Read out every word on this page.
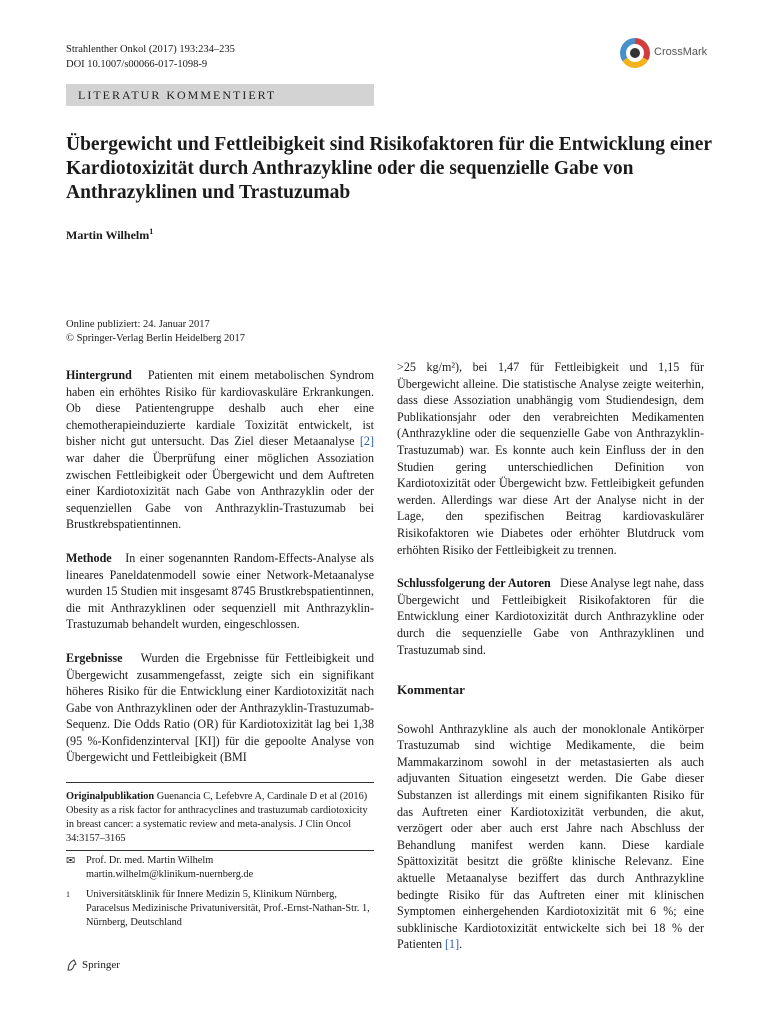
Strahlenther Onkol (2017) 193:234–235
DOI 10.1007/s00066-017-1098-9
CrossMark
LITERATUR KOMMENTIERT
Übergewicht und Fettleibigkeit sind Risikofaktoren für die Entwicklung einer Kardiotoxizität durch Anthrazykline oder die sequenzielle Gabe von Anthrazyklinen und Trastuzumab
Martin Wilhelm$^1$
Online publiziert: 24. Januar 2017
© Springer-Verlag Berlin Heidelberg 2017

Hintergrund Patienten mit einem metabolischen Syndrom haben ein erhöhtes Risiko für kardiovaskuläre Erkrankungen. Ob diese Patientengruppe deshalb auch eher eine chemotherapieinduzierte kardiale Toxizität entwickelt, ist bisher nicht gut untersucht. Das Ziel dieser Metaanalyse [2] war daher die Überprüfung einer möglichen Assoziation zwischen Fettleibigkeit oder Übergewicht und dem Auftreten einer Kardiotoxizität nach Gabe von Anthrazyklin oder der sequenziellen Gabe von Anthrazyklin-Trastuzumab bei Brustkrebspatientinnen.

Methode In einer sogenannten Random-Effects-Analyse als lineares Paneldatenmodell sowie einer Network-Metaanalyse wurden 15 Studien mit insgesamt 8745 Brustkrebspatientinnen, die mit Anthrazyklinen oder sequenziell mit Anthrazyklin-Trastuzumab behandelt wurden, eingeschlossen.

Ergebnisse Wurden die Ergebnisse für Fettleibigkeit und Übergewicht zusammengefasst, zeigte sich ein signifikant höheres Risiko für die Entwicklung einer Kardiotoxizität nach Gabe von Anthrazyklinen oder der Anthrazyklin-Trastuzumab-Sequenz. Die Odds Ratio (OR) für Kardiotoxizität lag bei 1,38 (95 %-Konfidenzinterval [KI]) für die gepoolte Analyse von Übergewicht und Fettleibigkeit (BMI

Originalpublikation Guenancia C, Lefebvre A, Cardinale D et al (2016) Obesity as a risk factor for anthracyclines and trastuzumab cardiotoxicity in breast cancer: a systematic review and meta-analysis. J Clin Oncol 34:3157–3165
✉ Prof. Dr. med. Martin Wilhelm
martin.wilhelm@klinikum-nuernberg.de
1	Universitätsklinik für Innere Medizin 5, Klinikum Nürnberg, Paracelsus Medizinische Privatuniversität, Prof.-Ernst-Nathan-Str. 1, Nürnberg, Deutschland

>25 kg/m²), bei 1,47 für Fettleibigkeit und 1,15 für Übergewicht alleine. Die statistische Analyse zeigte weiterhin, dass diese Assoziation unabhängig vom Studiendesign, dem Publikationsjahr oder den verabreichten Medikamenten (Anthrazykline oder die sequenzielle Gabe von Anthrazyklin-Trastuzumab) war. Es konnte auch kein Einfluss der in den Studien gering unterschiedlichen Definition von Kardiotoxizität oder Übergewicht bzw. Fettleibigkeit gefunden werden. Allerdings war diese Art der Analyse nicht in der Lage, den spezifischen Beitrag kardiovaskulärer Risikofaktoren wie Diabetes oder erhöhter Blutdruck vom erhöhten Risiko der Fettleibigkeit zu trennen.

Schlussfolgerung der Autoren Diese Analyse legt nahe, dass Übergewicht und Fettleibigkeit Risikofaktoren für die Entwicklung einer Kardiotoxizität durch Anthrazykline oder durch die sequenzielle Gabe von Anthrazyklinen und Trastuzumab sind.

Kommentar

Sowohl Anthrazykline als auch der monoklonale Antikörper Trastuzumab sind wichtige Medikamente, die beim Mammakarzinom sowohl in der metastasierten als auch adjuvanten Situation eingesetzt werden. Die Gabe dieser Substanzen ist allerdings mit einem signifikanten Risiko für das Auftreten einer Kardiotoxizität verbunden, die akut, verzögert oder aber auch erst Jahre nach Abschluss der Behandlung manifest werden kann. Diese kardiale Spättoxizität besitzt die größte klinische Relevanz. Eine aktuelle Metaanalyse beziffert das durch Anthrazykline bedingte Risiko für das Auftreten einer mit klinischen Symptomen einhergehenden Kardiotoxizität mit 6 %; eine subklinische Kardiotoxizität entwickelte sich bei 18 % der Patienten [1].

Springer
